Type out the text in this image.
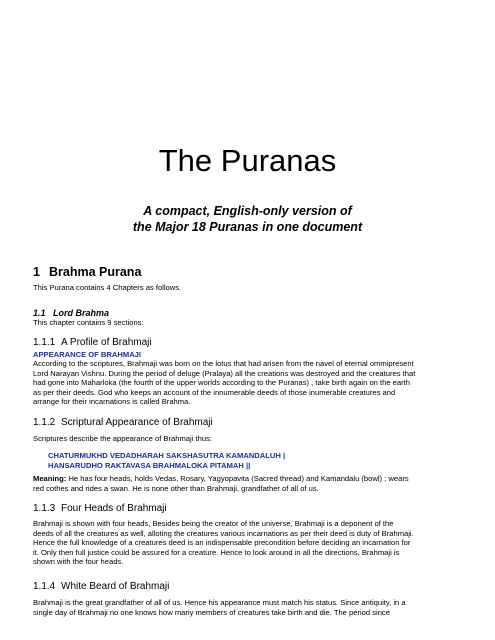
The Puranas
A compact, English-only version of
the Major 18 Puranas in one document
1 Brahma Purana
This Purana contains 4 Chapters as follows.
1.1 Lord Brahma
This chapter contains 9 sections:
1.1.1 A Profile of Brahmaji
APPEARANCE OF BRAHMAJI
According to the scriptures, Brahmaji was born on the lotus that had arisen from the navel of eternal ommipresent
Lord Narayan Vishnu. During the period of deluge (Pralaya) all the creations was destroyed and the creatures that
had gone into Maharloka (the fourth of the upper worlds according to the Puranas) , take birth again on the earth
as per their deeds. God who keeps an account of the innumerable deeds of those inumerable creatures and
arrange for their incarnations is called Brahma.
1.1.2 Scriptural Appearance of Brahmaji
Scriptures describe the appearance of Brahmaji thus:
CHATURMUKHD VEDADHARAH SAKSHASUTRA KAMANDALUH |
HANSARUDHO RAKTAVASA BRAHMALOKA PITAMAH ||
Meaning: He has four heads, holds Vedas, Rosary, Yagyopavita (Sacred thread) and Kamandalu (bowl) ; wears
red cothes and rides a swan. He is none other than Brahmaji, grandfather of all of us.
1.1.3 Four Heads of Brahmaji
Brahmaji is shown with four heads, Besides being the creator of the universe, Brahmaji is a deponent of the
deeds of all the creatures as well, alloting the creatures various incarnations as per their deed is duty of Brahmaji.
Hence the full knowledge of a creatures deed is an indispensable precondition before deciding an incarnation for
it. Only then full justice could be assured for a creature. Hence to look around in all the directions, Brahmaji is
shown with the four heads.
1.1.4 White Beard of Brahmaji
Brahmaji is the great grandfather of all of us. Hence his appearance must match his status. Since antiquity, in a
single day of Brahmaji no one knows how many members of creatures take birth and die. The period since
